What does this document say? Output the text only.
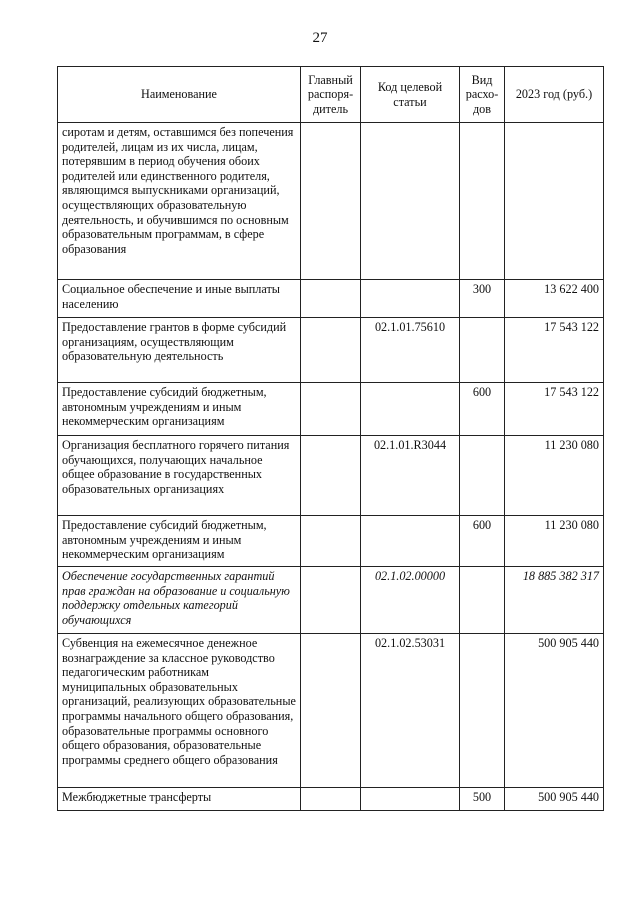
27
Наименование	Главный распоря-дитель	Код целевой статьи	Вид расхо-дов	2023 год (руб.)
сиротам и детям, оставшимся без попечения родителей, лицам из их числа, лицам, потерявшим в период обучения обоих родителей или единственного родителя, являющимся выпускниками организаций, осуществляющих образовательную деятельность, и обучившимся по основным образовательным программам, в сфере образования				
Социальное обеспечение и иные выплаты населению			300	13 622 400
Предоставление грантов в форме субсидий организациям, осуществляющим образовательную деятельность		02.1.01.75610		17 543 122
Предоставление субсидий бюджетным, автономным учреждениям и иным некоммерческим организациям			600	17 543 122
Организация бесплатного горячего питания обучающихся, получающих начальное общее образование в государственных образовательных организациях		02.1.01.R3044		11 230 080
Предоставление субсидий бюджетным, автономным учреждениям и иным некоммерческим организациям			600	11 230 080
Обеспечение государственных гарантий прав граждан на образование и социальную поддержку отдельных категорий обучающихся		02.1.02.00000		18 885 382 317
Субвенция на ежемесячное денежное вознаграждение за классное руководство педагогическим работникам муниципальных образовательных организаций, реализующих образовательные программы начального общего образования, образовательные программы основного общего образования, образовательные программы среднего общего образования		02.1.02.53031		500 905 440
Межбюджетные трансферты			500	500 905 440
